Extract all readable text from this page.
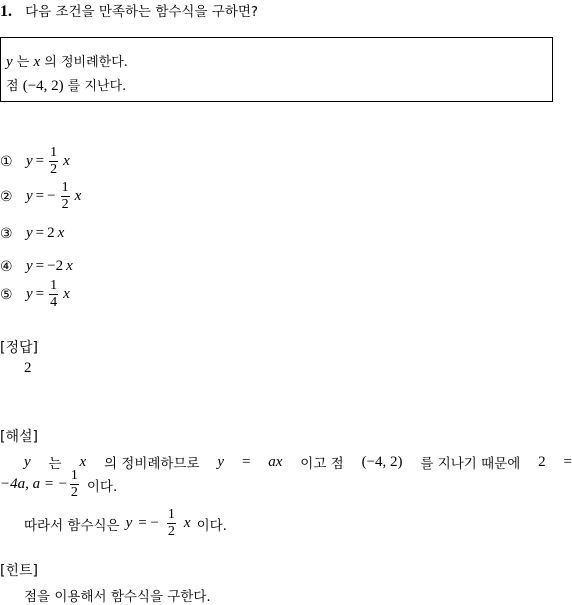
1. 다음 조건을 만족하는 함수식을 구하면?
y 는 x 의 정비례한다.
점 (−4, 2) 를 지난다.
① $y = \frac{1}{2}$ x
② y = − $\frac{1}{2}$ x
③ y = 2 x
④ y = −2 x
⑤ $y = \frac{1}{4}$ x
[정답]
2
[해설]
y 는 x 의 정비례하므로 y = ax 이고 점 (−4, 2) 를 지나기 때문에 2 =
−4a, a = − $\frac{1}{2}$ 이다.
따라서 함수식은 y = − $\frac{1}{2}$ x 이다.
[힌트]
점을 이용해서 함수식을 구한다.
